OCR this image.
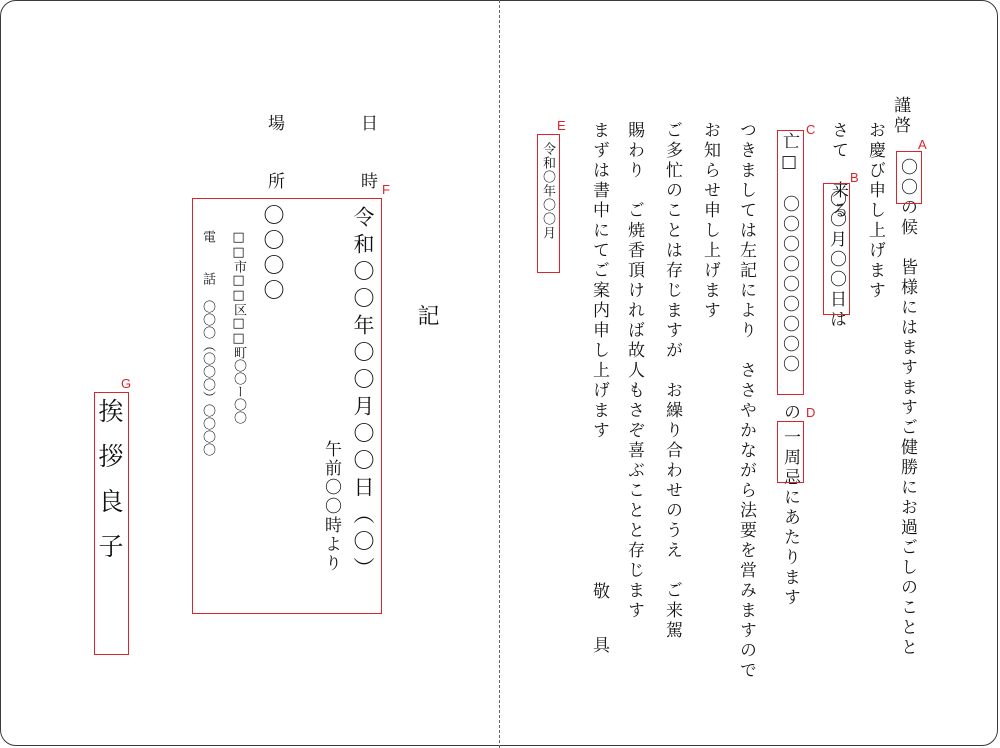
謹啓
お慶び申し上げます 〇〇の候　皆様にはますますご健勝にお過ごしのことと
A
さて　来る
〇〇月〇〇日は
B
亡□　〇〇〇〇〇〇〇〇〇
C
の
一周忌にあたります
D
つきましては左記により　ささやかながら法要を営みますので
お知らせ申し上げます
ご多忙のことは存じますが　お繰り合わせのうえ　ご来駕
賜わり　ご焼香頂ければ故人もさぞ喜ぶことと存じます
まずは書中にてご案内申し上げます
敬　具
令和〇年〇〇月
E
記
日　時
場　所	F
令和〇〇年〇〇月〇〇日（〇）
午前〇〇時より
〇〇〇〇
□□市□□区□□町〇〇ー〇〇
電　話
〇〇〇（〇〇〇）〇〇〇〇
挨拶良子
G
